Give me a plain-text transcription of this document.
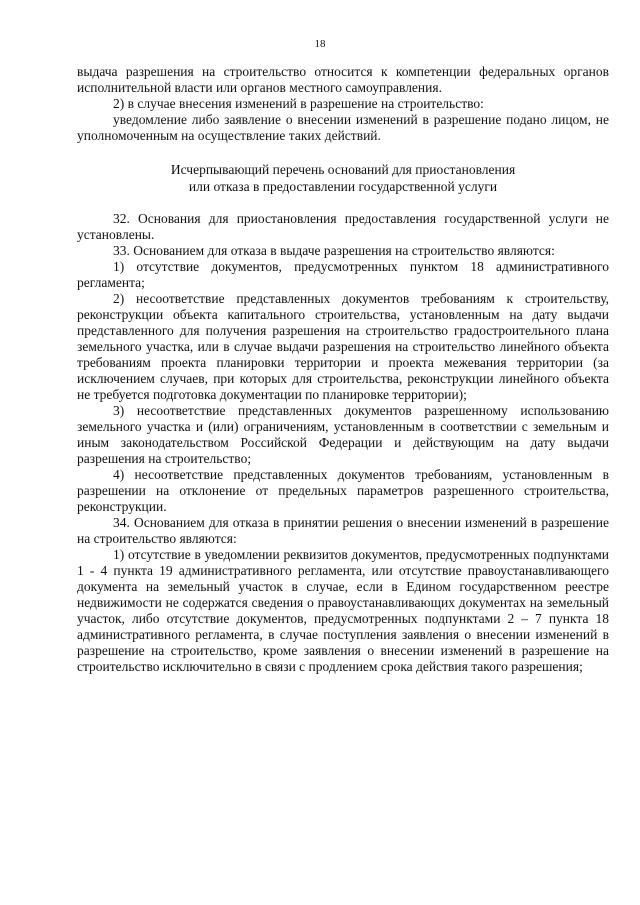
18

выдача разрешения на строительство относится к компетенции федеральных органов исполнительной власти или органов местного самоуправления.

2) в случае внесения изменений в разрешение на строительство:

уведомление либо заявление о внесении изменений в разрешение подано лицом, не уполномоченным на осуществление таких действий.

Исчерпывающий перечень оснований для приостановления
или отказа в предоставлении государственной услуги

32. Основания для приостановления предоставления государственной услуги не установлены.

33. Основанием для отказа в выдаче разрешения на строительство являются:

1) отсутствие документов, предусмотренных пунктом 18 административного регламента;

2) несоответствие представленных документов требованиям к строительству, реконструкции объекта капитального строительства, установленным на дату выдачи представленного для получения разрешения на строительство градостроительного плана земельного участка, или в случае выдачи разрешения на строительство линейного объекта требованиям проекта планировки территории и проекта межевания территории (за исключением случаев, при которых для строительства, реконструкции линейного объекта не требуется подготовка документации по планировке территории);

3) несоответствие представленных документов разрешенному использованию земельного участка и (или) ограничениям, установленным в соответствии с земельным и иным законодательством Российской Федерации и действующим на дату выдачи разрешения на строительство;

4) несоответствие представленных документов требованиям, установленным в разрешении на отклонение от предельных параметров разрешенного строительства, реконструкции.

34. Основанием для отказа в принятии решения о внесении изменений в разрешение на строительство являются:

1) отсутствие в уведомлении реквизитов документов, предусмотренных подпунктами 1 - 4 пункта 19 административного регламента, или отсутствие правоустанавливающего документа на земельный участок в случае, если в Едином государственном реестре недвижимости не содержатся сведения о правоустанавливающих документах на земельный участок, либо отсутствие документов, предусмотренных подпунктами 2 – 7 пункта 18 административного регламента, в случае поступления заявления о внесении изменений в разрешение на строительство, кроме заявления о внесении изменений в разрешение на строительство исключительно в связи с продлением срока действия такого разрешения;
